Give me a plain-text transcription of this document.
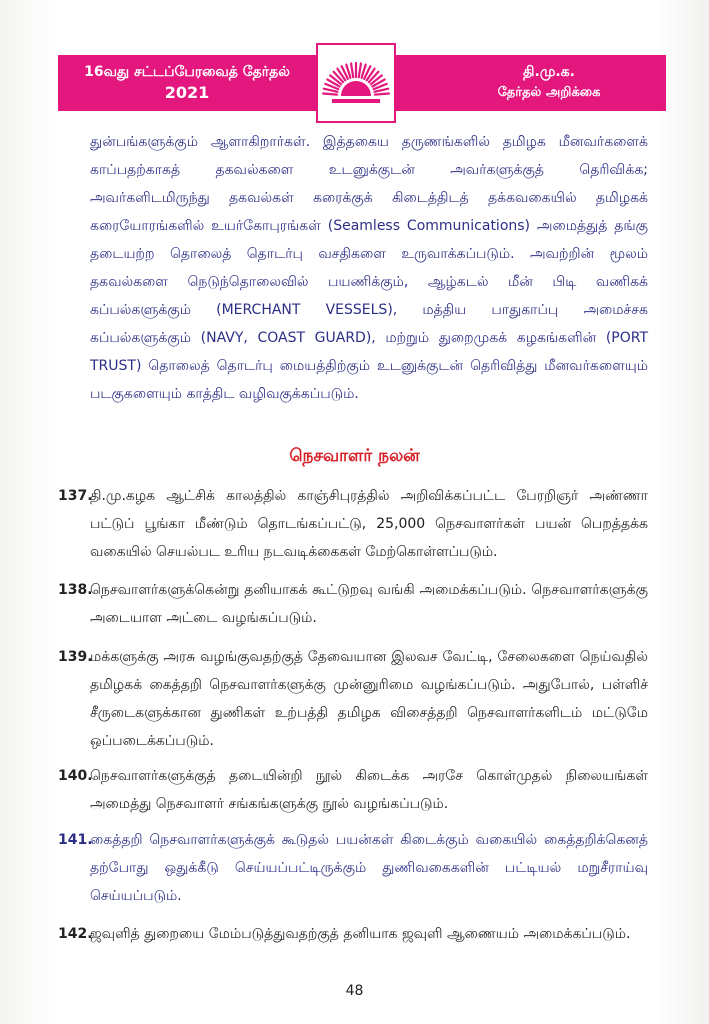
16வது சட்டப்பேரவைத் தேர்தல்
2021
தி.மு.க.
தேர்தல் அறிக்கை
துன்பங்களுக்கும் ஆளாகிறார்கள். இத்தகைய தருணங்களில் தமிழக மீனவர்களைக் காப்பதற்காகத் தகவல்களை உடனுக்குடன் அவர்களுக்குத் தெரிவிக்க; அவர்களிடமிருந்து தகவல்கள் கரைக்குக் கிடைத்திடத் தக்கவகையில் தமிழகக் கரையோரங்களில் உயர்கோபுரங்கள் (Seamless Communications) அமைத்துத் தங்கு தடையற்ற தொலைத் தொடர்பு வசதிகளை உருவாக்கப்படும். அவற்றின் மூலம் தகவல்களை நெடுந்தொலைவில் பயணிக்கும், ஆழ்கடல் மீன் பிடி வணிகக் கப்பல்களுக்கும் (MERCHANT VESSELS), மத்திய பாதுகாப்பு அமைச்சக கப்பல்களுக்கும் (NAVY, COAST GUARD), மற்றும் துறைமுகக் கழகங்களின் (PORT TRUST) தொலைத் தொடர்பு மையத்திற்கும் உடனுக்குடன் தெரிவித்து மீனவர்களையும் படகுகளையும் காத்திட வழிவகுக்கப்படும்.
நெசவாளர் நலன்
137.
தி.மு.கழக ஆட்சிக் காலத்தில் காஞ்சிபுரத்தில் அறிவிக்கப்பட்ட பேரறிஞர் அண்ணா பட்டுப் பூங்கா மீண்டும் தொடங்கப்பட்டு, 25,000 நெசவாளர்கள் பயன் பெறத்தக்க வகையில் செயல்பட உரிய நடவடிக்கைகள் மேற்கொள்ளப்படும்.
138.
நெசவாளர்களுக்கென்று தனியாகக் கூட்டுறவு வங்கி அமைக்கப்படும். நெசவாளர்களுக்கு அடையாள அட்டை வழங்கப்படும்.
139.
மக்களுக்கு அரசு வழங்குவதற்குத் தேவையான இலவச வேட்டி, சேலைகளை நெய்வதில் தமிழகக் கைத்தறி நெசவாளர்களுக்கு முன்னுரிமை வழங்கப்படும். அதுபோல், பள்ளிச் சீருடைகளுக்கான துணிகள் உற்பத்தி தமிழக விசைத்தறி நெசவாளர்களிடம் மட்டுமே ஒப்படைக்கப்படும்.
140.
நெசவாளர்களுக்குத் தடையின்றி நூல் கிடைக்க அரசே கொள்முதல் நிலையங்கள் அமைத்து நெசவாளர் சங்கங்களுக்கு நூல் வழங்கப்படும்.
141.
கைத்தறி நெசவாளர்களுக்குக் கூடுதல் பயன்கள் கிடைக்கும் வகையில் கைத்தறிக்கெனத் தற்போது ஒதுக்கீடு செய்யப்பட்டிருக்கும் துணிவகைகளின் பட்டியல் மறுசீராய்வு செய்யப்படும்.
142.
ஜவுளித் துறையை மேம்படுத்துவதற்குத் தனியாக ஜவுளி ஆணையம் அமைக்கப்படும்.
48
